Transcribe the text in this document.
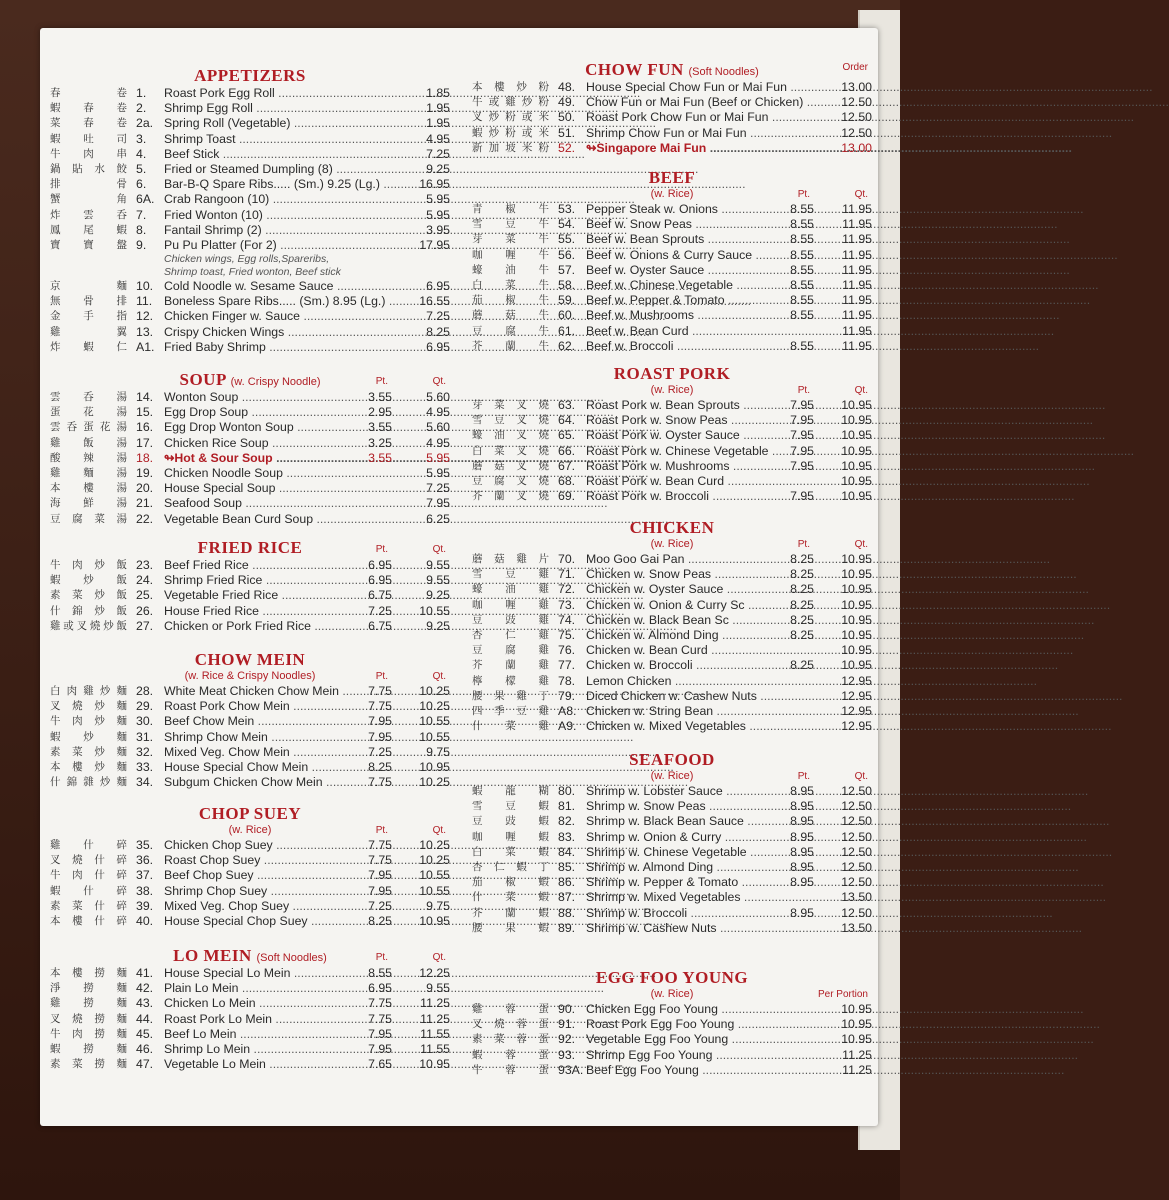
APPETIZERS
春卷 1.	Roast Pork Egg Roll .....	1.85
蝦春卷 2.	Shrimp Egg Roll .....	1.95
菜春卷 2a. Spring Roll (Vegetable) .....	1.95
蝦吐司 3.	Shrimp Toast .....	4.95
牛肉串 4.	Beef Stick .....	7.25
鍋貼水餃 5.	Fried or Steamed Dumpling (8) .....	9.25
排骨 6.	Bar-B-Q Spare Ribs..... (Sm.) 9.25 (Lg.) .....	16.95
蟹角 6A. Crab Rangoon (10) .....	5.95
炸雲呑 7.	Fried Wonton (10) .....	5.95
鳳尾蝦 8.	Fantail Shrimp (2) .....	3.95
寶寶盤 9.	Pu Pu Platter (For 2) .....	17.95
Chicken wings, Egg rolls,Spareribs,
Shrimp toast, Fried wonton, Beef stick
京麵 10. Cold Noodle w. Sesame Sauce .....	6.95
無骨排 11. Boneless Spare Ribs..... (Sm.) 8.95 (Lg.) .....	16.55
金手指 12. Chicken Finger w. Sauce .....	7.25
雞翼 13. Crispy Chicken Wings .....	8.25
炸蝦仁 A1. Fried Baby Shrimp .....	6.95
SOUP (w. Crispy Noodle)	Pt.	Qt.
雲呑湯 14. Wonton Soup .....	3.55	5.60
蛋花湯 15. Egg Drop Soup .....	2.95	4.95
雲呑蛋花湯 16. Egg Drop Wonton Soup .....	3.55	5.60
雞飯湯 17. Chicken Rice Soup .....	3.25	4.95
酸辣湯 18. ↬Hot & Sour Soup .....	3.55	5.95
雞麵湯 19. Chicken Noodle Soup .....	5.95
本樓湯 20. House Special Soup .....	7.25
海鮮湯 21. Seafood Soup .....	7.95
豆腐菜湯 22. Vegetable Bean Curd Soup .....	6.25
FRIED RICE	Pt.	Qt.
牛肉炒飯 23. Beef Fried Rice .....	6.95	9.55
蝦炒飯 24. Shrimp Fried Rice .....	6.95	9.55
素菜炒飯 25. Vegetable Fried Rice .....	6.75	9.25
什錦炒飯 26. House Fried Rice .....	7.25	10.55
雞或叉燒炒飯 27. Chicken or Pork Fried Rice .....	6.75	9.25
CHOW MEIN
(w. Rice & Crispy Noodles)	Pt.	Qt.
白肉雞炒麵 28. White Meat Chicken Chow Mein .....	7.75	10.25
叉燒炒麵 29. Roast Pork Chow Mein .....	7.75	10.25
牛肉炒麵 30. Beef Chow Mein .....	7.95	10.55
蝦炒麵 31. Shrimp Chow Mein .....	7.95	10.55
素菜炒麵 32. Mixed Veg. Chow Mein .....	7.25	9.75
本樓炒麵 33. House Special Chow Mein .....	8.25	10.95
什錦雜炒麵 34. Subgum Chicken Chow Mein .....	7.75	10.25
CHOP SUEY
(w. Rice)	Pt.	Qt.
雞什碎 35. Chicken Chop Suey .....	7.75	10.25
叉燒什碎 36. Roast Chop Suey .....	7.75	10.25
牛肉什碎 37. Beef Chop Suey .....	7.95	10.55
蝦什碎 38. Shrimp Chop Suey .....	7.95	10.55
素菜什碎 39. Mixed Veg. Chop Suey .....	7.25	9.75
本樓什碎 40. House Special Chop Suey .....	8.25	10.95
LO MEIN (Soft Noodles)	Pt.	Qt.
本樓撈麵 41. House Special Lo Mein .....	8.55	12.25
淨撈麵 42. Plain Lo Mein .....	6.95	9.55
雞撈麵 43. Chicken Lo Mein .....	7.75	11.25
叉燒撈麵 44. Roast Pork Lo Mein .....	7.75	11.25
牛肉撈麵 45. Beef Lo Mein .....	7.95	11.55
蝦撈麵 46. Shrimp Lo Mein .....	7.95	11.55
素菜撈麵 47. Vegetable Lo Mein .....	7.65	10.95
CHOW FUN (Soft Noodles)	Order
本樓炒粉 48. House Special Chow Fun or Mai Fun .....	13.00
牛或雞炒粉 49. Chow Fun or Mai Fun (Beef or Chicken) .....	12.50
叉炒粉或米 50. Roast Pork Chow Fun or Mai Fun .....	12.50
蝦炒粉或米 51. Shrimp Chow Fun or Mai Fun .....	12.50
新加坡米粉 52. ↬Singapore Mai Fun .....	13.00
BEEF
(w. Rice)	Pt.	Qt.
青椒牛 53. Pepper Steak w. Onions .....	8.55	11.95
雪豆牛 54. Beef w. Snow Peas .....	8.55	11.95
芽菜牛 55. Beef w. Bean Sprouts .....	8.55	11.95
咖喱牛 56. Beef w. Onions & Curry Sauce .....	8.55	11.95
蠔油牛 57. Beef w. Oyster Sauce .....	8.55	11.95
白菜牛 58. Beef w. Chinese Vegetable .....	8.55	11.95
茄椒牛 59. Beef w. Pepper & Tomato .....	8.55	11.95
蘑菇牛 60. Beef w. Mushrooms .....	8.55	11.95
豆腐牛 61. Beef w. Bean Curd .....	11.95
芥蘭牛 62. Beef w. Broccoli .....	8.55	11.95
ROAST PORK
(w. Rice)	Pt.	Qt.
芽菜叉燒 63. Roast Pork w. Bean Sprouts .....	7.95	10.95
雪豆叉燒 64. Roast Pork w. Snow Peas .....	7.95	10.95
蠔油叉燒 65. Roast Pork w. Oyster Sauce .....	7.95	10.95
白菜叉燒 66. Roast Pork w. Chinese Vegetable .....	7.95	10.95
蘑菇叉燒 67. Roast Pork w. Mushrooms .....	7.95	10.95
豆腐叉燒 68. Roast Pork w. Bean Curd .....	10.95
芥蘭叉燒 69. Roast Pork w. Broccoli .....	7.95	10.95
CHICKEN
(w. Rice)	Pt.	Qt.
蘑菇雞片 70. Moo Goo Gai Pan .....	8.25	10.95
雪豆雞 71. Chicken w. Snow Peas .....	8.25	10.95
蠔油雞 72. Chicken w. Oyster Sauce .....	8.25	10.95
咖喱雞 73. Chicken w. Onion & Curry Sc .....	8.25	10.95
豆豉雞 74. Chicken w. Black Bean Sc .....	8.25	10.95
杏仁雞 75. Chicken w. Almond Ding .....	8.25	10.95
豆腐雞 76. Chicken w. Bean Curd .....	10.95
芥蘭雞 77. Chicken w. Broccoli .....	8.25	10.95
檸檬雞 78. Lemon Chicken .....	12.95
腰果雞丁 79. Diced Chicken w. Cashew Nuts .....	12.95
四季豆雞 A8. Chicken w. String Bean .....	12.95
什菜雞 A9. Chicken w. Mixed Vegetables .....	12.95
SEAFOOD
(w. Rice)	Pt.	Qt.
蝦龍糊 80. Shrimp w. Lobster Sauce .....	8.95	12.50
雪豆蝦 81. Shrimp w. Snow Peas .....	8.95	12.50
豆豉蝦 82. Shrimp w. Black Bean Sauce .....	8.95	12.50
咖喱蝦 83. Shrimp w. Onion & Curry .....	8.95	12.50
白菜蝦 84. Shrimp w. Chinese Vegetable .....	8.95	12.50
杏仁蝦丁 85. Shrimp w. Almond Ding .....	8.95	12.50
茄椒蝦 86. Shrimp w. Pepper & Tomato .....	8.95	12.50
什菜蝦 87. Shrimp w. Mixed Vegetables .....	13.50
芥蘭蝦 88. Shrimp w. Broccoli .....	8.95	12.50
腰果蝦 89. Shrimp w. Cashew Nuts .....	13.50
EGG FOO YOUNG
(w. Rice)	Per Portion
雞蓉蛋 90. Chicken Egg Foo Young .....	10.95
叉燒蓉蛋 91. Roast Pork Egg Foo Young .....	10.95
素菜蓉蛋 92. Vegetable Egg Foo Young .....	10.95
蝦蓉蛋 93. Shrimp Egg Foo Young .....	11.25
牛蓉蛋 93A. Beef Egg Foo Young .....	11.25
